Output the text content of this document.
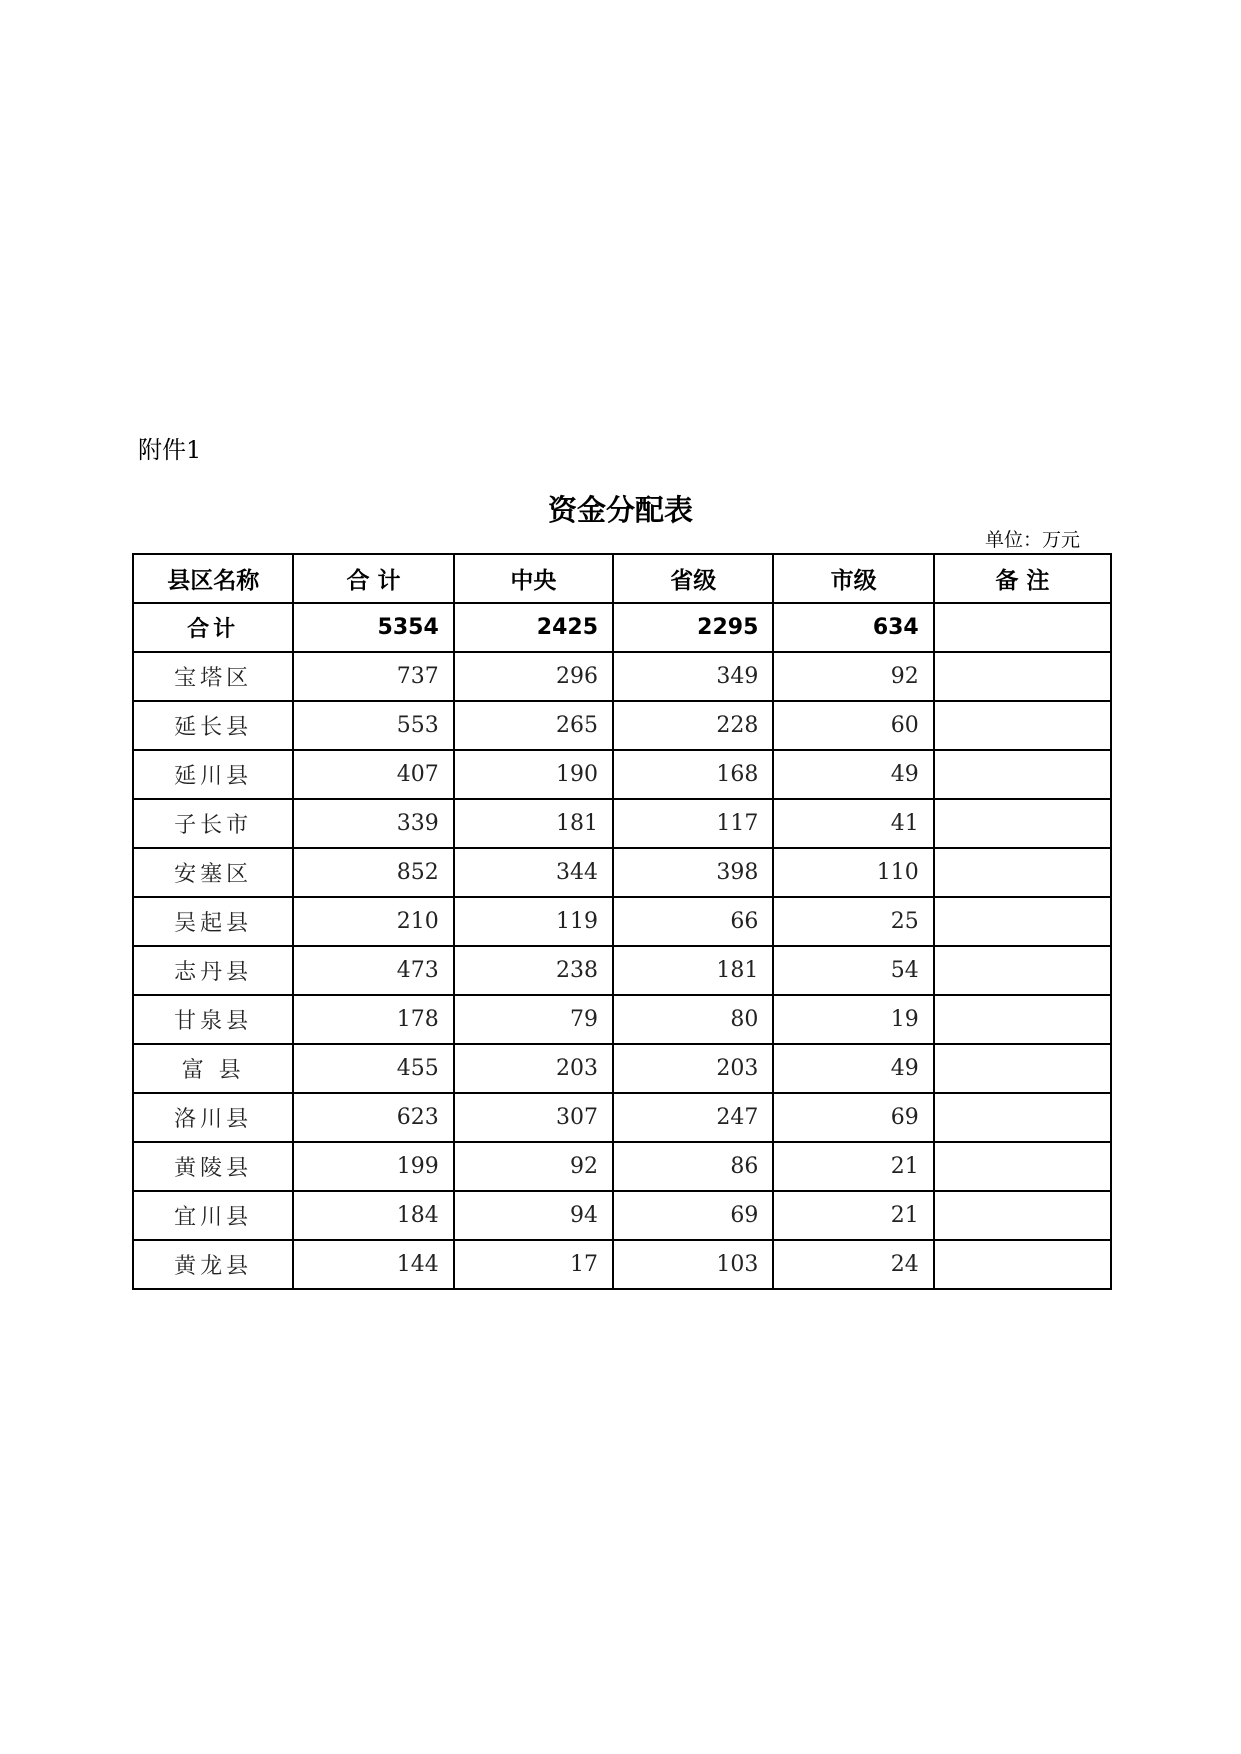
附件1
资金分配表
单位：万元
县区名称	合 计	中央	省级	市级	备 注
合计	5354	2425	2295	634	
宝塔区	737	296	349	92	
延长县	553	265	228	60	
延川县	407	190	168	49	
子长市	339	181	117	41	
安塞区	852	344	398	110	
吴起县	210	119	66	25	
志丹县	473	238	181	54	
甘泉县	178	79	80	19	
富 县	455	203	203	49	
洛川县	623	307	247	69	
黄陵县	199	92	86	21	
宜川县	184	94	69	21	
黄龙县	144	17	103	24	
